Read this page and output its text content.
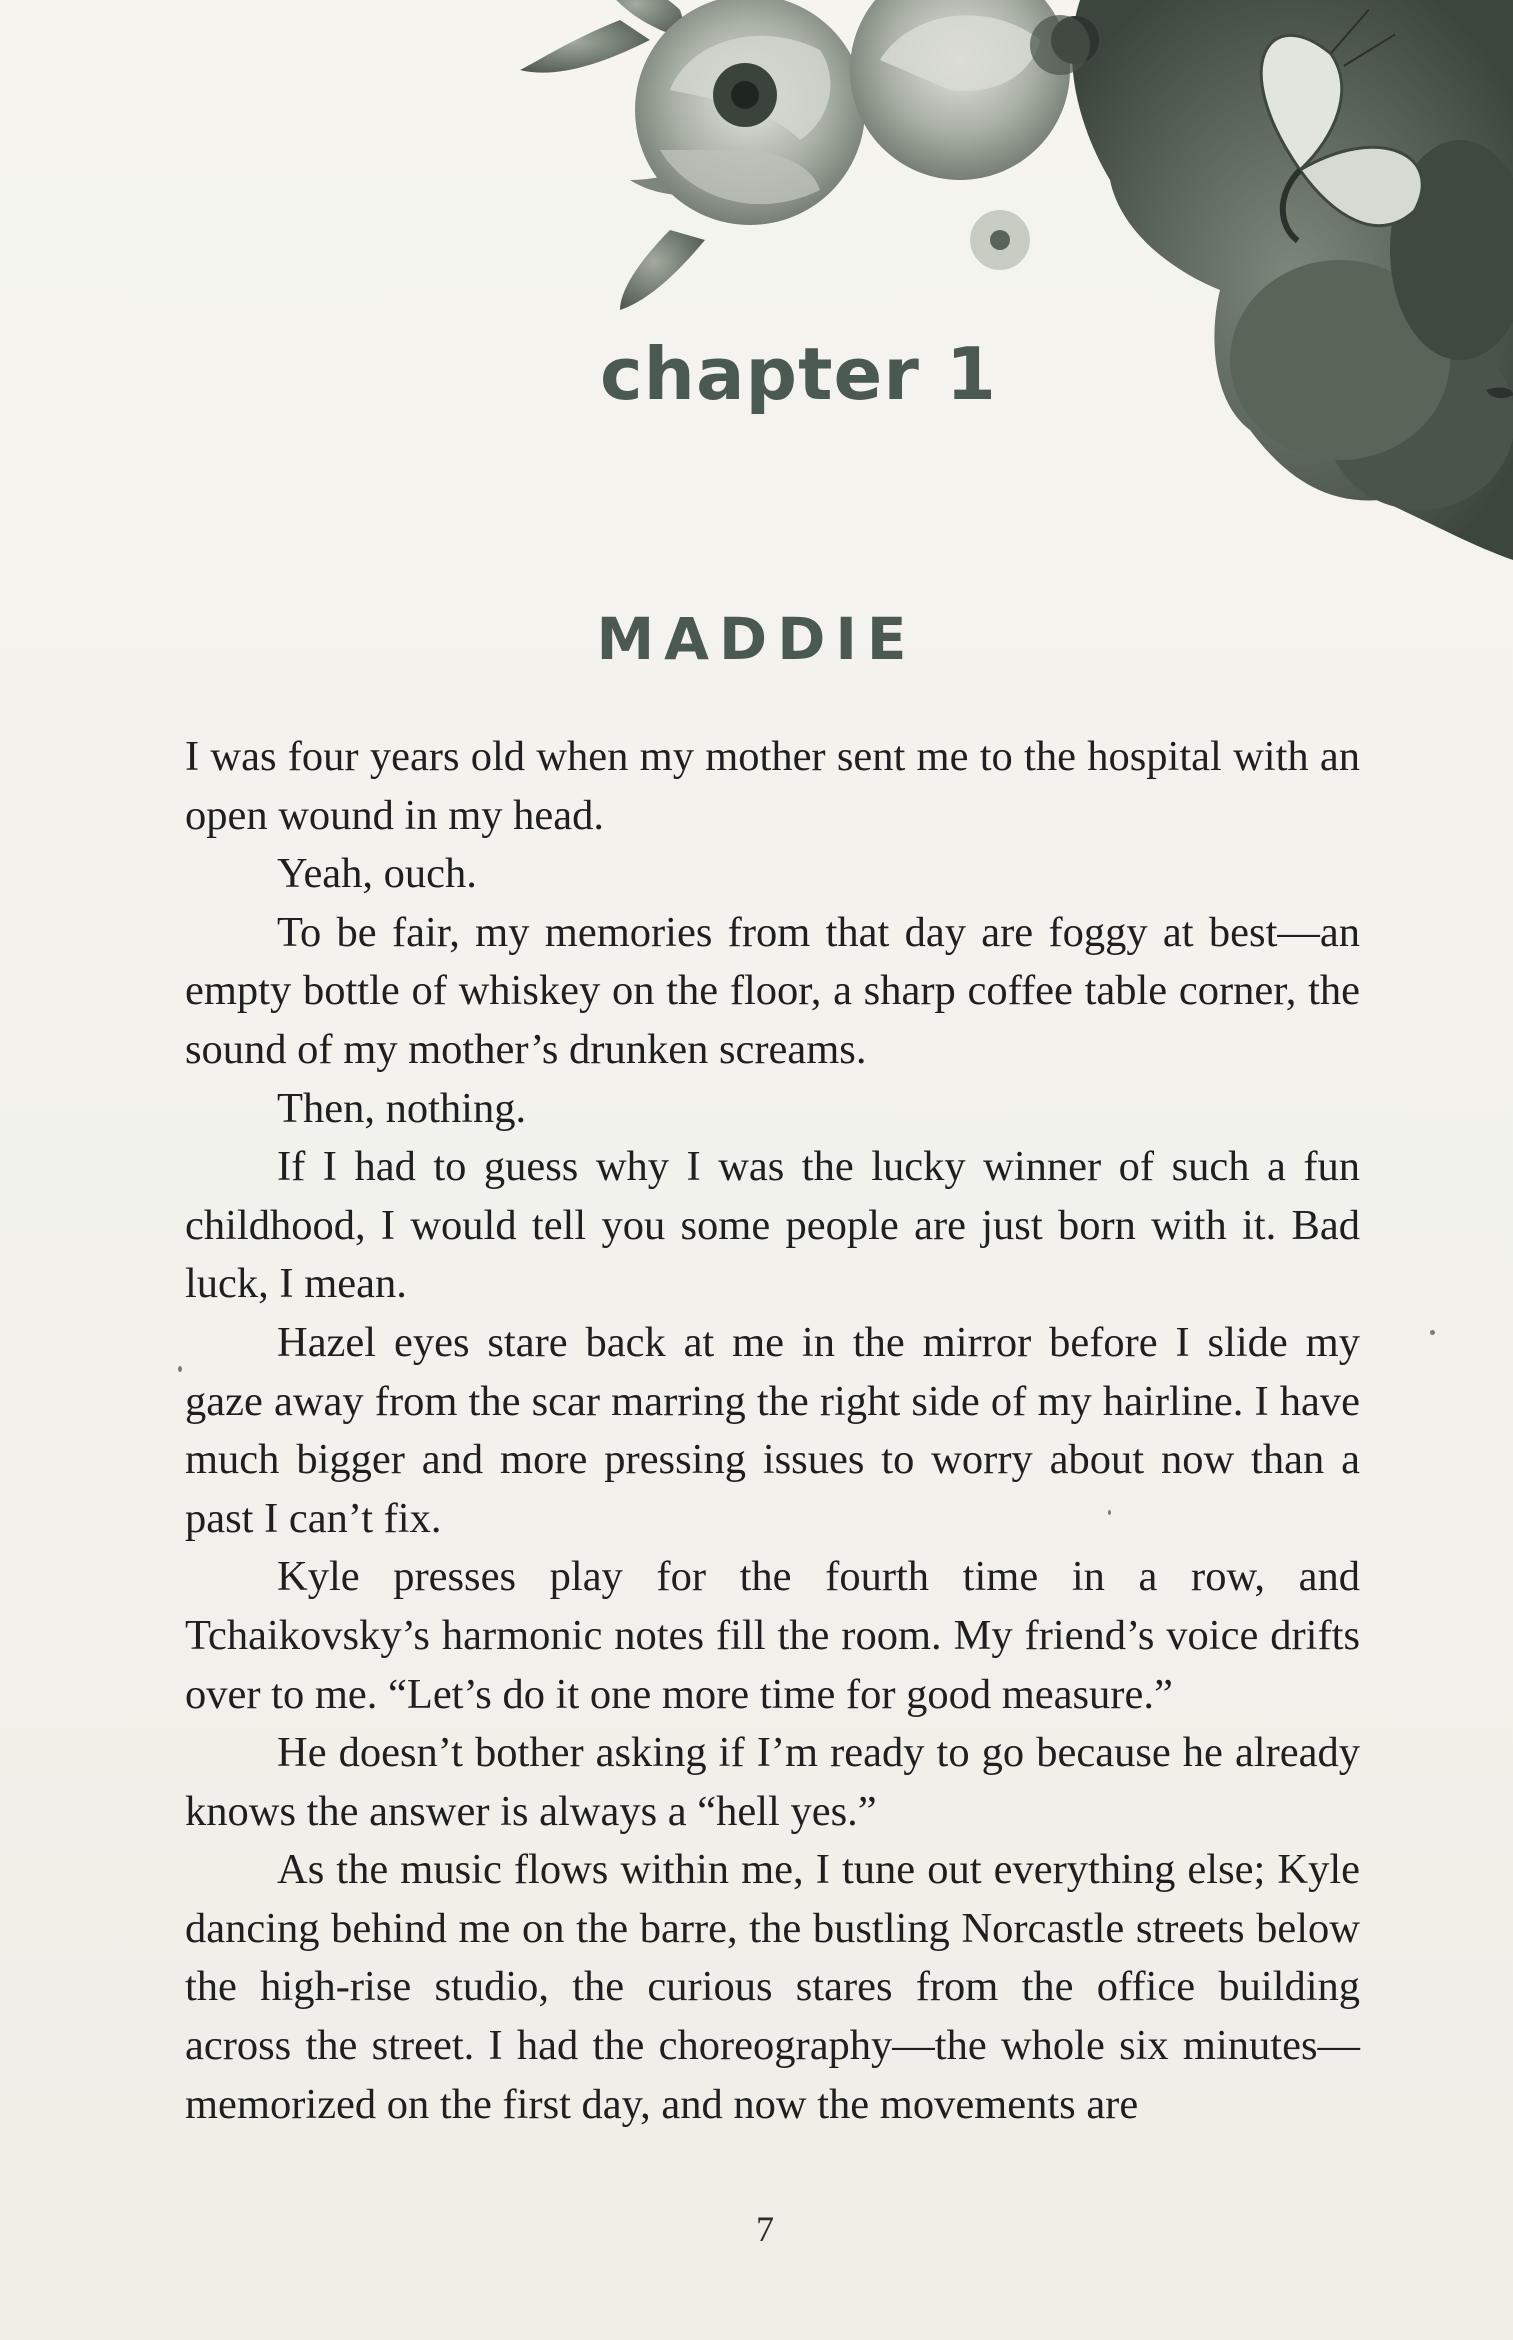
chapter 1
MADDIE

I was four years old when my mother sent me to the hospital with an open wound in my head.

Yeah, ouch.

To be fair, my memories from that day are foggy at best—an empty bottle of whiskey on the floor, a sharp coffee table corner, the sound of my mother’s drunken screams.

Then, nothing.

If I had to guess why I was the lucky winner of such a fun childhood, I would tell you some people are just born with it. Bad luck, I mean.

Hazel eyes stare back at me in the mirror before I slide my gaze away from the scar marring the right side of my hairline. I have much bigger and more pressing issues to worry about now than a past I can’t fix.

Kyle presses play for the fourth time in a row, and Tchaikovsky’s harmonic notes fill the room. My friend’s voice drifts over to me. “Let’s do it one more time for good measure.”

He doesn’t bother asking if I’m ready to go because he already knows the answer is always a “hell yes.”

As the music flows within me, I tune out everything else; Kyle dancing behind me on the barre, the bustling Norcastle streets below the high-rise studio, the curious stares from the office building across the street. I had the choreography—the whole six minutes—memorized on the first day, and now the movements are

7
